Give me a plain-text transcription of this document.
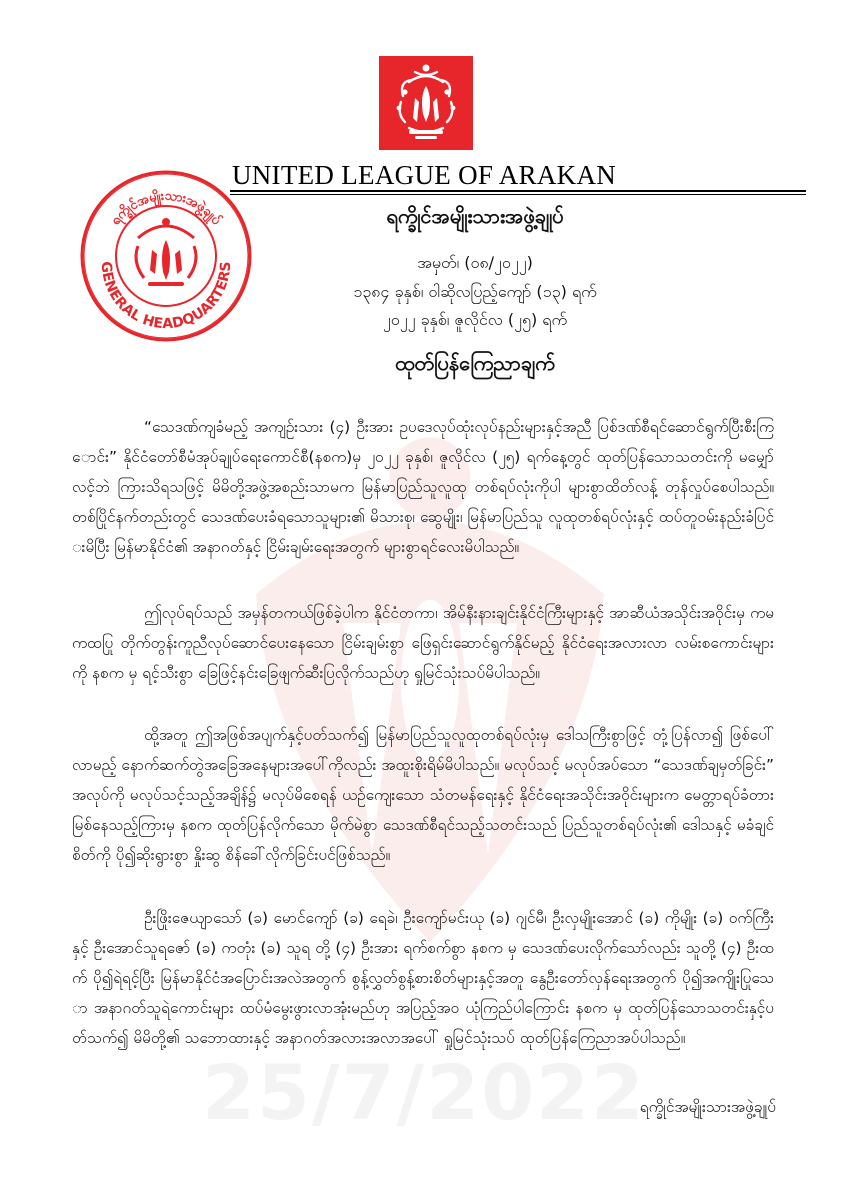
25/7/2022
UNITED LEAGUE OF ARAKAN
ရက္ခိုင်အမျိုးသားအဖွဲ့ချုပ်
GENERAL HEADQUARTERS
ရက္ခိုင်အမျိုးသားအဖွဲ့ချုပ်
အမှတ်၊ (၀၈/၂၀၂၂)
၁၃၈၄ ခုနှစ်၊ ဝါဆိုလပြည့်ကျော် (၁၃) ရက်
၂၀၂၂ ခုနှစ်၊ ဇူလိုင်လ (၂၅) ရက်
ထုတ်ပြန်ကြေညာချက်
“သေဒဏ်ကျခံမည့် အကျဉ်းသား (၄) ဦးအား ဥပဒေလုပ်ထုံးလုပ်နည်းများနှင့်အညီ ပြစ်ဒဏ်စီရင်ဆောင်ရွက်ပြီးစီးကြောင်း” နိုင်ငံတော်စီမံအုပ်ချုပ်ရေးကောင်စီ(နစက)မှ ၂၀၂၂ ခုနှစ်၊ ဇူလိုင်လ (၂၅) ရက်နေ့တွင် ထုတ်ပြန်သောသတင်းကို မမျှော်လင့်ဘဲ ကြားသိရသဖြင့် မိမိတို့အဖွဲ့အစည်းသာမက မြန်မာပြည်သူလူထု တစ်ရပ်လုံးကိုပါ များစွာထိတ်လန့် တုန်လှုပ်စေပါသည်။ တစ်ပြိုင်နက်တည်းတွင် သေဒဏ်ပေးခံရသောသူများ၏ မိသားစု၊ ဆွေမျိုး၊ မြန်မာပြည်သူ လူထုတစ်ရပ်လုံးနှင့် ထပ်တူဝမ်းနည်းခံပြင်းမိပြီး မြန်မာနိုင်ငံ၏ အနာဂတ်နှင့် ငြိမ်းချမ်းရေးအတွက် များစွာရင်လေးမိပါသည်။
ဤလုပ်ရပ်သည် အမှန်တကယ်ဖြစ်ခဲ့ပါက နိုင်ငံတကာ၊ အိမ်နီးနားချင်းနိုင်ငံကြီးများနှင့် အာဆီယံအသိုင်းအဝိုင်းမှ ကမကထပြု တိုက်တွန်းကူညီလုပ်ဆောင်ပေးနေသော ငြိမ်းချမ်းစွာ ဖြေရှင်းဆောင်ရွက်နိုင်မည့် နိုင်ငံရေးအလားလာ လမ်းစကောင်းများကို နစက မှ ရင့်သီးစွာ ခြေဖြင့်နင်းခြေဖျက်ဆီးပြလိုက်သည်ဟု ရှုမြင်သုံးသပ်မိပါသည်။
ထို့အတူ ဤအဖြစ်အပျက်နှင့်ပတ်သက်၍ မြန်မာပြည်သူလူထုတစ်ရပ်လုံးမှ ဒေါသကြီးစွာဖြင့် တုံ့ပြန်လာ၍ ဖြစ်ပေါ်လာမည့် နောက်ဆက်တွဲအခြေအနေများအပေါ်ကိုလည်း အထူးစိုးရိမ်မိပါသည်။ မလုပ်သင့် မလုပ်အပ်သော “သေဒဏ်ချမှတ်ခြင်း” အလုပ်ကို မလုပ်သင့်သည့်အချိန်၌ မလုပ်မိစေရန် ယဉ်ကျေးသော သံတမန်ရေးနှင့် နိုင်ငံရေးအသိုင်းအဝိုင်းများက မေတ္တာရပ်ခံတားမြစ်နေသည့်ကြားမှ နစက ထုတ်ပြန်လိုက်သော မိုက်မဲစွာ သေဒဏ်စီရင်သည့်သတင်းသည် ပြည်သူတစ်ရပ်လုံး၏ ဒေါသနှင့် မခံချင်စိတ်ကို ပို၍ဆိုးရွားစွာ နှိုးဆွ စိန်ခေါ်လိုက်ခြင်းပင်ဖြစ်သည်။
ဦးဖြိုးဇေယျာသော် (ခ) မောင်ကျော် (ခ) ရေခဲ၊ ဦးကျော်မင်းယု (ခ) ဂျင်မီ၊ ဦးလှမျိုးအောင် (ခ) ကိုမျိုး (ခ) ဝက်ကြီး နှင့် ဦးအောင်သူရဇော် (ခ) ကတုံး (ခ) သူရ တို့ (၄) ဦးအား ရက်စက်စွာ နစက မှ သေဒဏ်ပေးလိုက်သော်လည်း သူတို့ (၄) ဦးထက် ပို၍ရဲရင့်ပြီး မြန်မာနိုင်ငံအပြောင်းအလဲအတွက် စွန့်လွှတ်စွန့်စားစိတ်များနှင့်အတူ နွေဦးတော်လှန်ရေးအတွက် ပို၍အကျိုးပြုသော အနာဂတ်သူရဲကောင်းများ ထပ်မံမွေးဖွားလာအုံးမည်ဟု အပြည့်အဝ ယုံကြည်ပါကြောင်း နစက မှ ထုတ်ပြန်သောသတင်းနှင့်ပတ်သက်၍ မိမိတို့၏ သဘောထားနှင့် အနာဂတ်အလားအလာအပေါ် ရှုမြင်သုံးသပ် ထုတ်ပြန်ကြေညာအပ်ပါသည်။
ရက္ခိုင်အမျိုးသားအဖွဲ့ချုပ်
